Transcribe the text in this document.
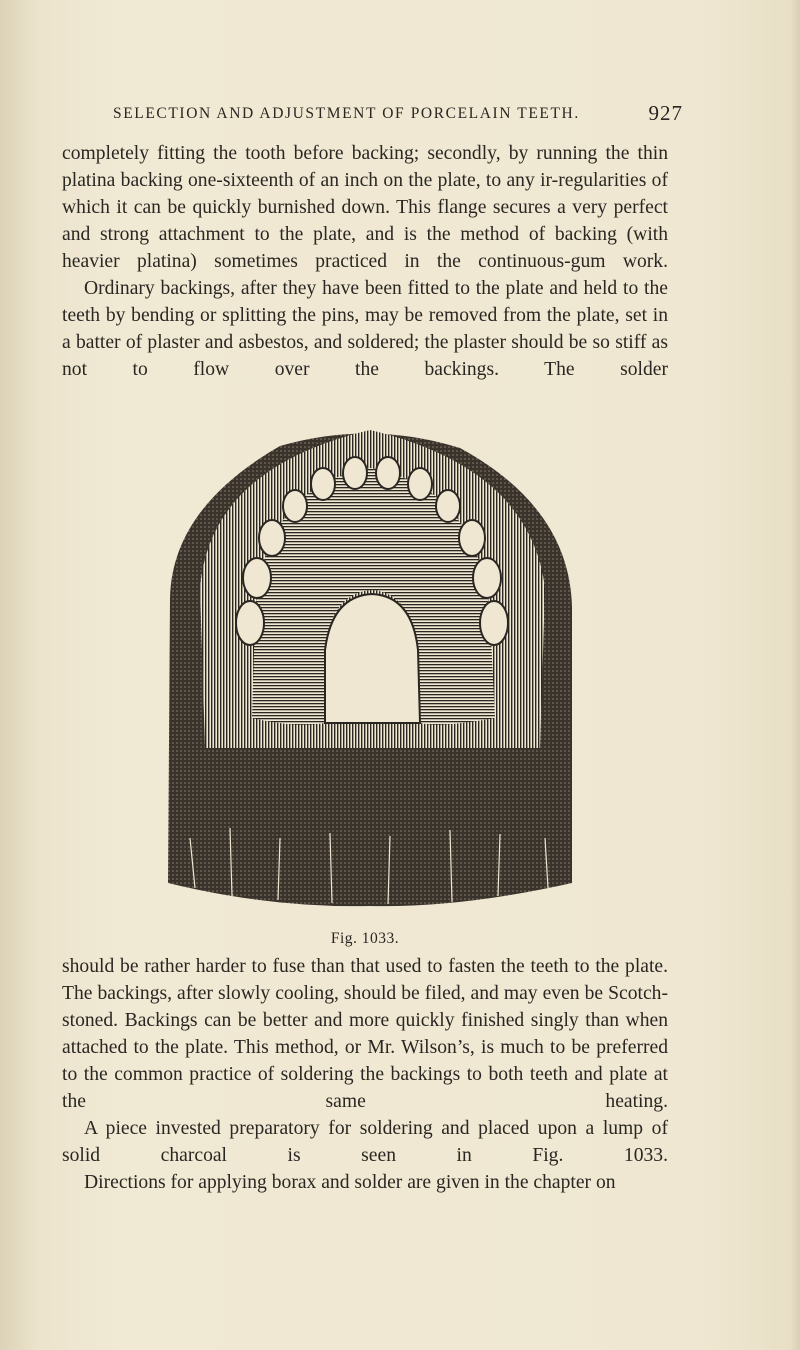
SELECTION AND ADJUSTMENT OF PORCELAIN TEETH.	927

completely fitting the tooth before backing; secondly, by running the thin platina backing one-sixteenth of an inch on the plate, to any ir-regularities of which it can be quickly burnished down. This flange secures a very perfect and strong attachment to the plate, and is the method of backing (with heavier platina) sometimes practiced in the continuous-gum work.

Ordinary backings, after they have been fitted to the plate and held to the teeth by bending or splitting the pins, may be removed from the plate, set in a batter of plaster and asbestos, and soldered; the plaster should be so stiff as not to flow over the backings. The solder

Fig. 1033.

should be rather harder to fuse than that used to fasten the teeth to the plate. The backings, after slowly cooling, should be filed, and may even be Scotch-stoned. Backings can be better and more quickly finished singly than when attached to the plate. This method, or Mr. Wilson’s, is much to be preferred to the common practice of soldering the backings to both teeth and plate at the same heating.

A piece invested preparatory for soldering and placed upon a lump of solid charcoal is seen in Fig. 1033.

Directions for applying borax and solder are given in the chapter on
